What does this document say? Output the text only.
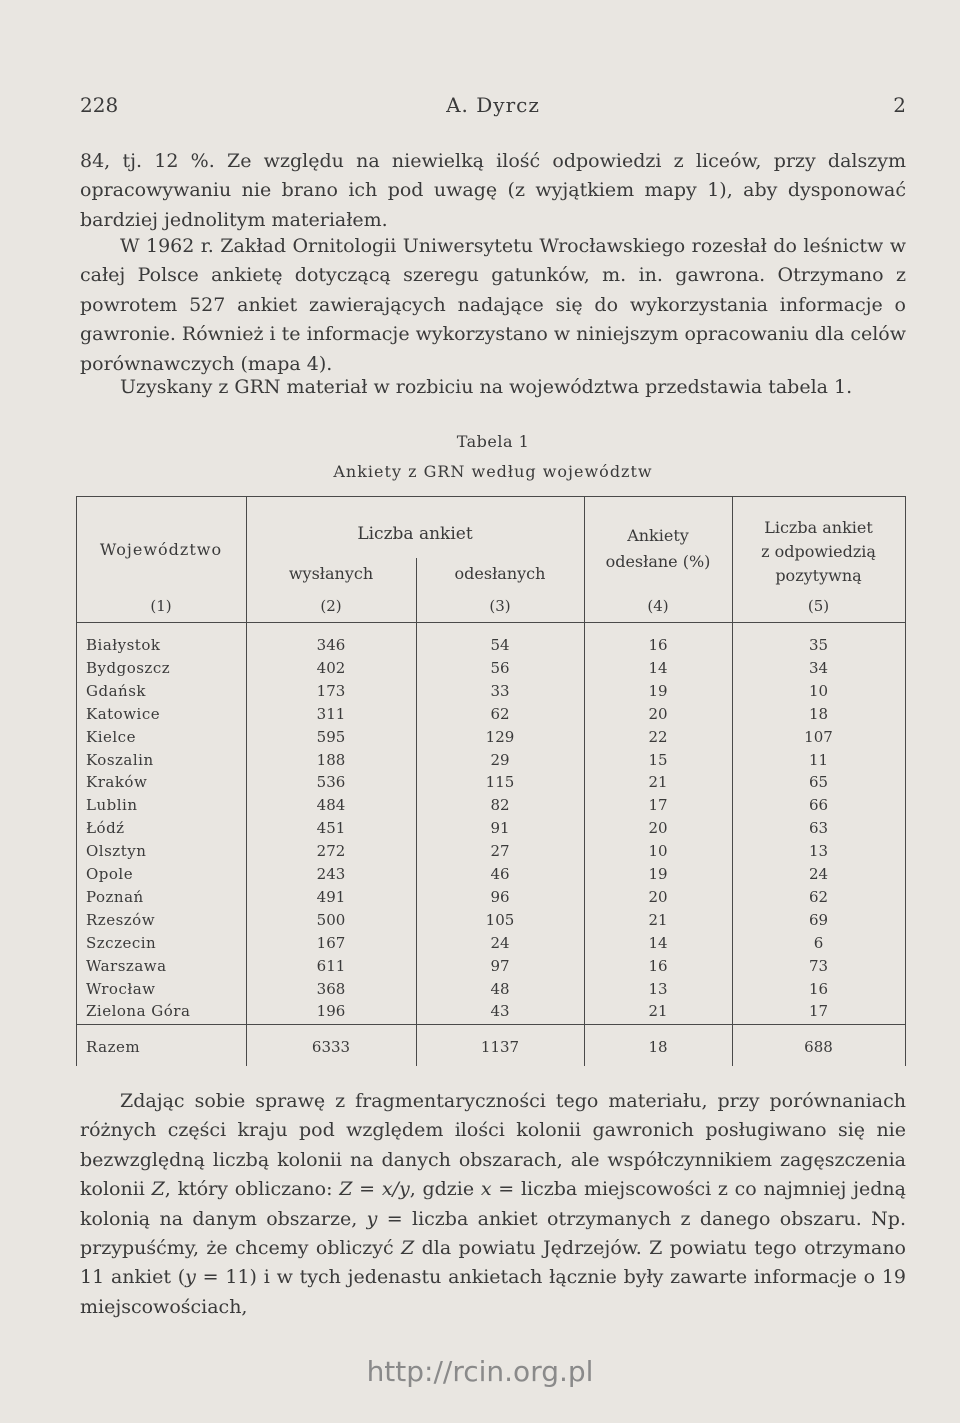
228	A. Dyrcz	2

84, tj. 12 %. Ze względu na niewielką ilość odpowiedzi z liceów, przy dalszym opracowywaniu nie brano ich pod uwagę (z wyjątkiem mapy 1), aby dysponować bardziej jednolitym materiałem.

W 1962 r. Zakład Ornitologii Uniwersytetu Wrocławskiego rozesłał do leśnictw w całej Polsce ankietę dotyczącą szeregu gatunków, m. in. gawrona. Otrzymano z powrotem 527 ankiet zawierających nadające się do wykorzystania informacje o gawronie. Również i te informacje wykorzystano w niniejszym opracowaniu dla celów porównawczych (mapa 4).

Uzyskany z GRN materiał w rozbiciu na województwa przedstawia tabela 1.

Tabela 1
Ankiety z GRN według województw
Województwo
Liczba ankiet
wysłanych	odesłanych
Ankiety
odesłane (%)
Liczba ankiet
z odpowiedzią
pozytywną
(1)	(2)	(3)	(4)	(5)
Białystok	346	54	16	35
Bydgoszcz	402	56	14	34
Gdańsk	173	33	19	10
Katowice	311	62	20	18
Kielce	595	129	22	107
Koszalin	188	29	15	11
Kraków	536	115	21	65
Lublin	484	82	17	66
Łódź	451	91	20	63
Olsztyn	272	27	10	13
Opole	243	46	19	24
Poznań	491	96	20	62
Rzeszów	500	105	21	69
Szczecin	167	24	14	6
Warszawa	611	97	16	73
Wrocław	368	48	13	16
Zielona Góra	196	43	21	17
Razem	6333	1137	18	688

Zdając sobie sprawę z fragmentaryczności tego materiału, przy porównaniach różnych części kraju pod względem ilości kolonii gawronich posługiwano się nie bezwzględną liczbą kolonii na danych obszarach, ale współczynnikiem zagęszczenia kolonii Z, który obliczano: Z = x/y, gdzie x = liczba miejscowości z co najmniej jedną kolonią na danym obszarze, y = liczba ankiet otrzymanych z danego obszaru. Np. przypuśćmy, że chcemy obliczyć Z dla powiatu Jędrzejów. Z powiatu tego otrzymano 11 ankiet (y = 11) i w tych jedenastu ankietach łącznie były zawarte informacje o 19 miejscowościach,

http://rcin.org.pl
